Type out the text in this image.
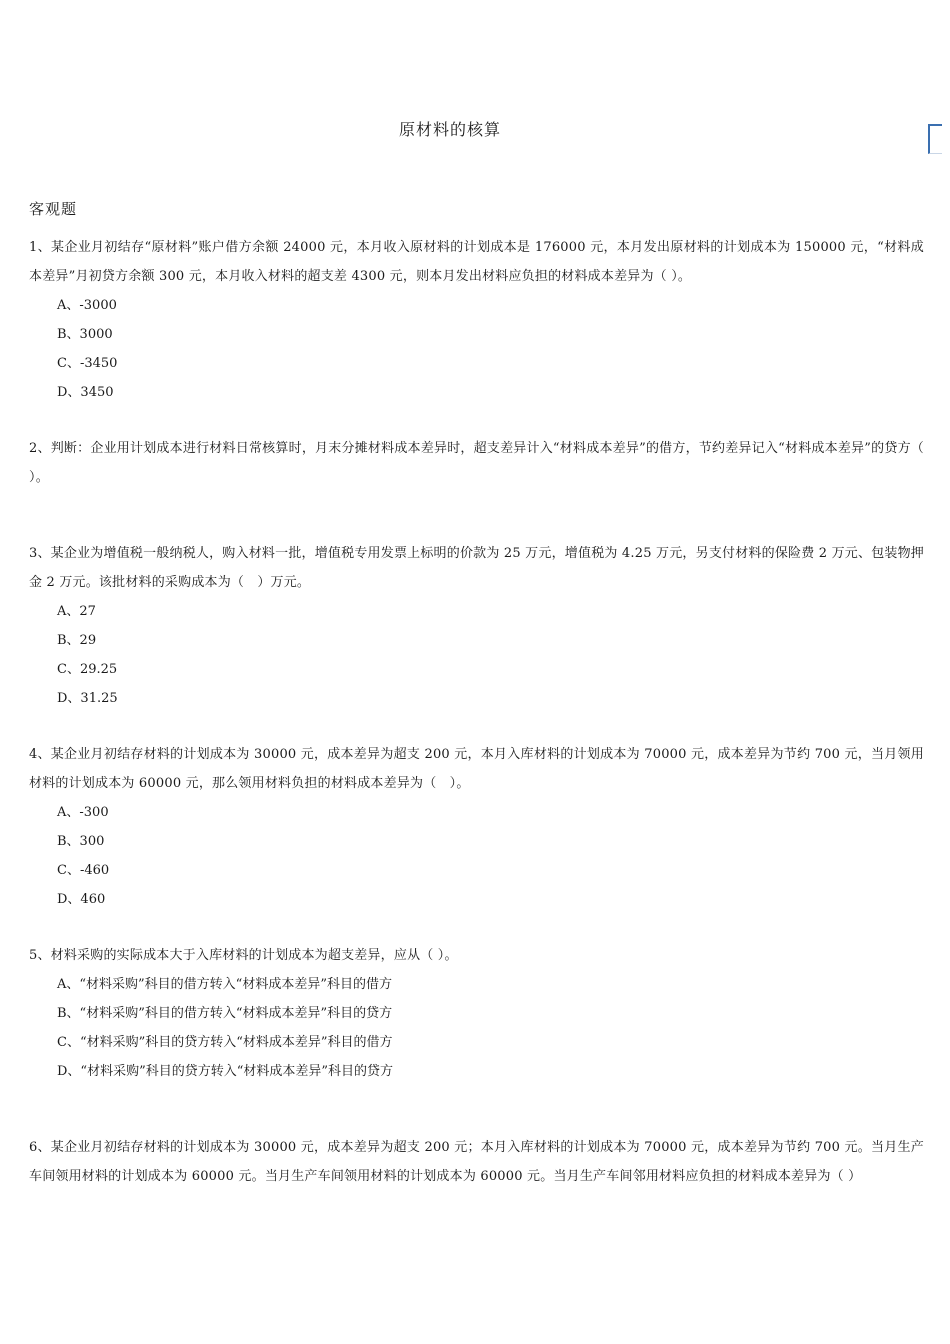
原材料的核算
客观题
1、某企业月初结存“原材料”账户借方余额 24000 元，本月收入原材料的计划成本是 176000 元，本月发出原材料的计划成本为 150000 元，“材料成本差异”月初贷方余额 300 元，本月收入材料的超支差 4300 元，则本月发出材料应负担的材料成本差异为（ ）。
A、-3000
B、3000
C、-3450
D、3450
2、判断：企业用计划成本进行材料日常核算时，月末分摊材料成本差异时，超支差异计入“材料成本差异”的借方，节约差异记入“材料成本差异”的贷方（ ）。
3、某企业为增值税一般纳税人，购入材料一批，增值税专用发票上标明的价款为 25 万元，增值税为 4.25 万元，另支付材料的保险费 2 万元、包装物押金 2 万元。该批材料的采购成本为（　）万元。
A、27
B、29
C、29.25
D、31.25
4、某企业月初结存材料的计划成本为 30000 元，成本差异为超支 200 元，本月入库材料的计划成本为 70000 元，成本差异为节约 700 元，当月领用材料的计划成本为 60000 元，那么领用材料负担的材料成本差异为（　）。
A、-300
B、300
C、-460
D、460
5、材料采购的实际成本大于入库材料的计划成本为超支差异，应从（ ）。
A、“材料采购”科目的借方转入“材料成本差异”科目的借方
B、“材料采购”科目的借方转入“材料成本差异”科目的贷方
C、“材料采购”科目的贷方转入“材料成本差异”科目的借方
D、“材料采购”科目的贷方转入“材料成本差异”科目的贷方
6、某企业月初结存材料的计划成本为 30000 元，成本差异为超支 200 元；本月入库材料的计划成本为 70000 元，成本差异为节约 700 元。当月生产车间领用材料的计划成本为 60000 元。当月生产车间领用材料的计划成本为 60000 元。当月生产车间邻用材料应负担的材料成本差异为（ ）
